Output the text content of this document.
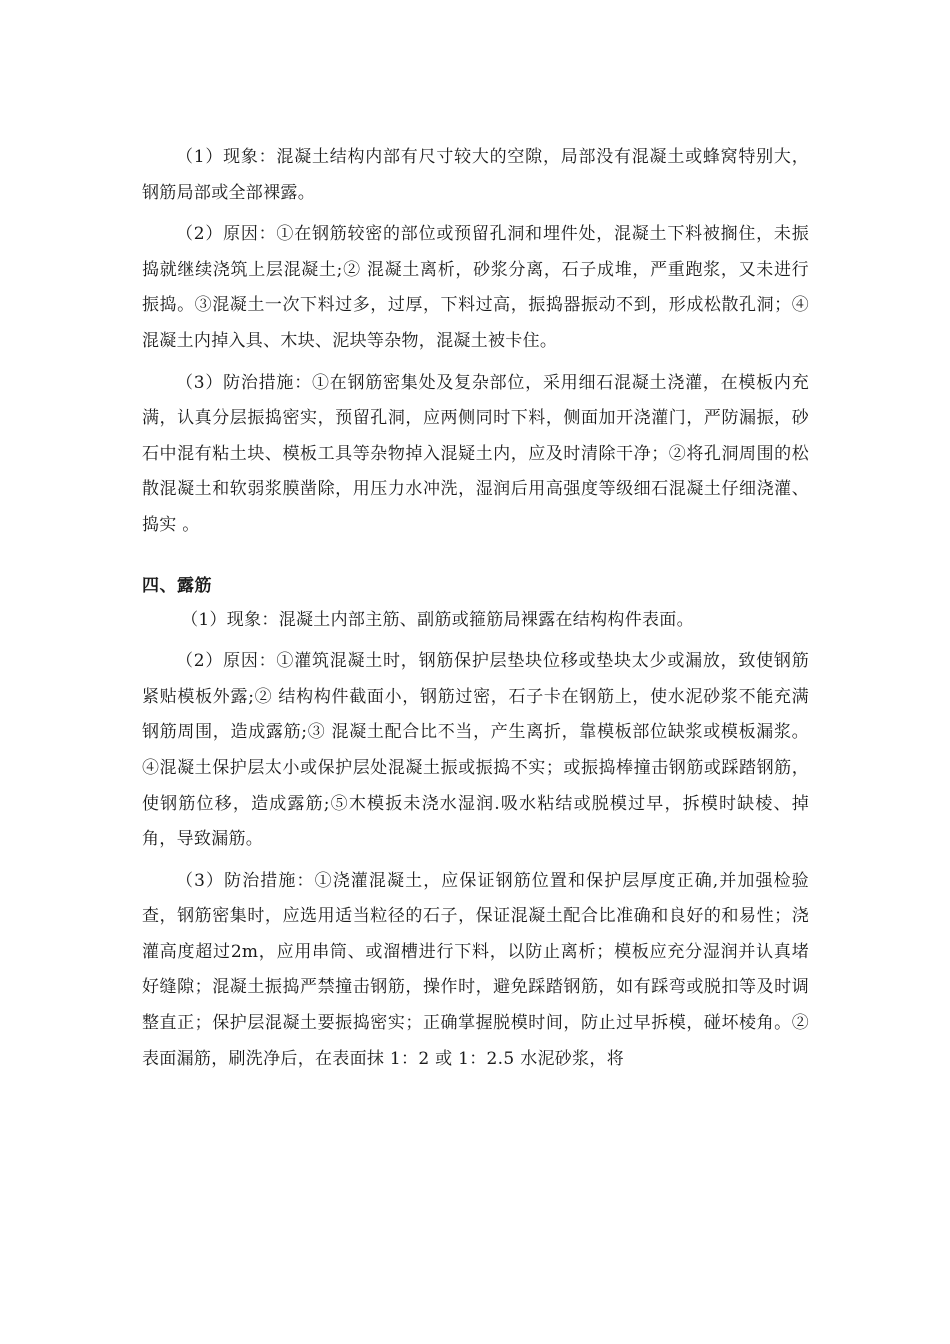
（1）现象：混凝土结构内部有尺寸较大的空隙，局部没有混凝土或蜂窝特别大，钢筋局部或全部裸露。

（2）原因：①在钢筋较密的部位或预留孔洞和埋件处，混凝土下料被搁住，未振捣就继续浇筑上层混凝土;② 混凝土离析，砂浆分离，石子成堆，严重跑浆，又未进行振捣。③混凝土一次下料过多，过厚，下料过高，振捣器振动不到，形成松散孔洞；④ 混凝土内掉入具、木块、泥块等杂物，混凝土被卡住。

（3）防治措施：①在钢筋密集处及复杂部位，采用细石混凝土浇灌，在模板内充满，认真分层振捣密实，预留孔洞，应两侧同时下料，侧面加开浇灌门，严防漏振，砂石中混有粘土块、模板工具等杂物掉入混疑土内，应及时清除干净；②将孔洞周围的松散混凝土和软弱浆膜凿除，用压力水冲洗，湿润后用高强度等级细石混凝土仔细浇灌、捣实 。

四、露筋

（1）现象：混凝土内部主筋、副筋或箍筋局裸露在结构构件表面。

（2）原因：①灌筑混凝土时，钢筋保护层垫块位移或垫块太少或漏放，致使钢筋紧贴模板外露;② 结构构件截面小，钢筋过密，石子卡在钢筋上，使水泥砂浆不能充满钢筋周围，造成露筋;③ 混凝土配合比不当，产生离折，靠模板部位缺浆或模板漏浆。④混凝土保护层太小或保护层处混凝土振或振捣不实；或振捣棒撞击钢筋或踩踏钢筋，使钢筋位移，造成露筋;⑤木模扳未浇水湿润.吸水粘结或脱模过早，拆模时缺棱、掉角，导致漏筋。

（3）防治措施：①浇灌混凝土，应保证钢筋位置和保护层厚度正确,并加强检验查，钢筋密集时，应选用适当粒径的石子，保证混凝土配合比准确和良好的和易性；浇灌高度超过2m，应用串筒、或溜槽进行下料，以防止离析；模板应充分湿润并认真堵好缝隙；混凝土振捣严禁撞击钢筋，操作时，避免踩踏钢筋，如有踩弯或脱扣等及时调整直正；保护层混凝土要振捣密实；正确掌握脱模时间，防止过早拆模，碰坏棱角。②表面漏筋，刷洗净后，在表面抹 1：2 或 1：2.5 水泥砂浆，将
